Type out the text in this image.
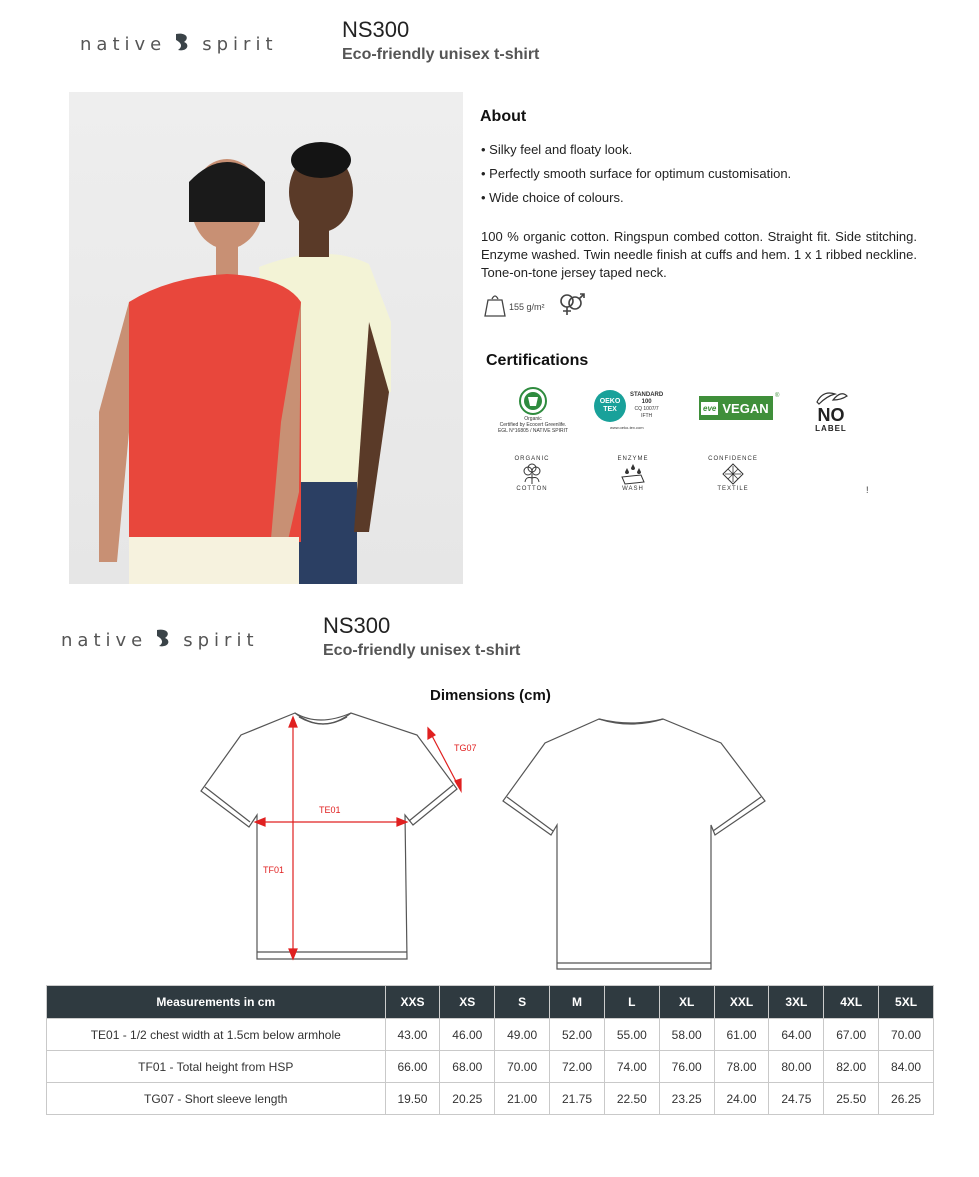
native spirit
NS300
Eco-friendly unisex t-shirt
About
• Silky feel and floaty look.
• Perfectly smooth surface for optimum customisation.
• Wide choice of colours.
100 % organic cotton. Ringspun combed cotton. Straight fit. Side stitching. Enzyme washed. Twin needle finish at cuffs and hem. 1 x 1 ribbed neckline. Tone-on-tone jersey taped neck.
155 g/m²
Certifications
Organic
Certified by Ecocert Greenlife.
EGL N°16805 / NATIVE SPIRIT
OEKO
TEX
STANDARD
100
CQ 1007/7
IFTH
www.oeko-tex.com
eve VEGAN
®
NO
LABEL
ORGANIC
COTTON
ENZYME
WASH
CONFIDENCE
TEXTILE	!
native spirit
NS300
Eco-friendly unisex t-shirt
Dimensions (cm)
TE01
TF01
TG07
Measurements in cm	XXS	XS	S	M	L	XL	XXL	3XL	4XL	5XL
TE01 - 1/2 chest width at 1.5cm below armhole	43.00	46.00	49.00	52.00	55.00	58.00	61.00	64.00	67.00	70.00
TF01 - Total height from HSP	66.00	68.00	70.00	72.00	74.00	76.00	78.00	80.00	82.00	84.00
TG07 - Short sleeve length	19.50	20.25	21.00	21.75	22.50	23.25	24.00	24.75	25.50	26.25
